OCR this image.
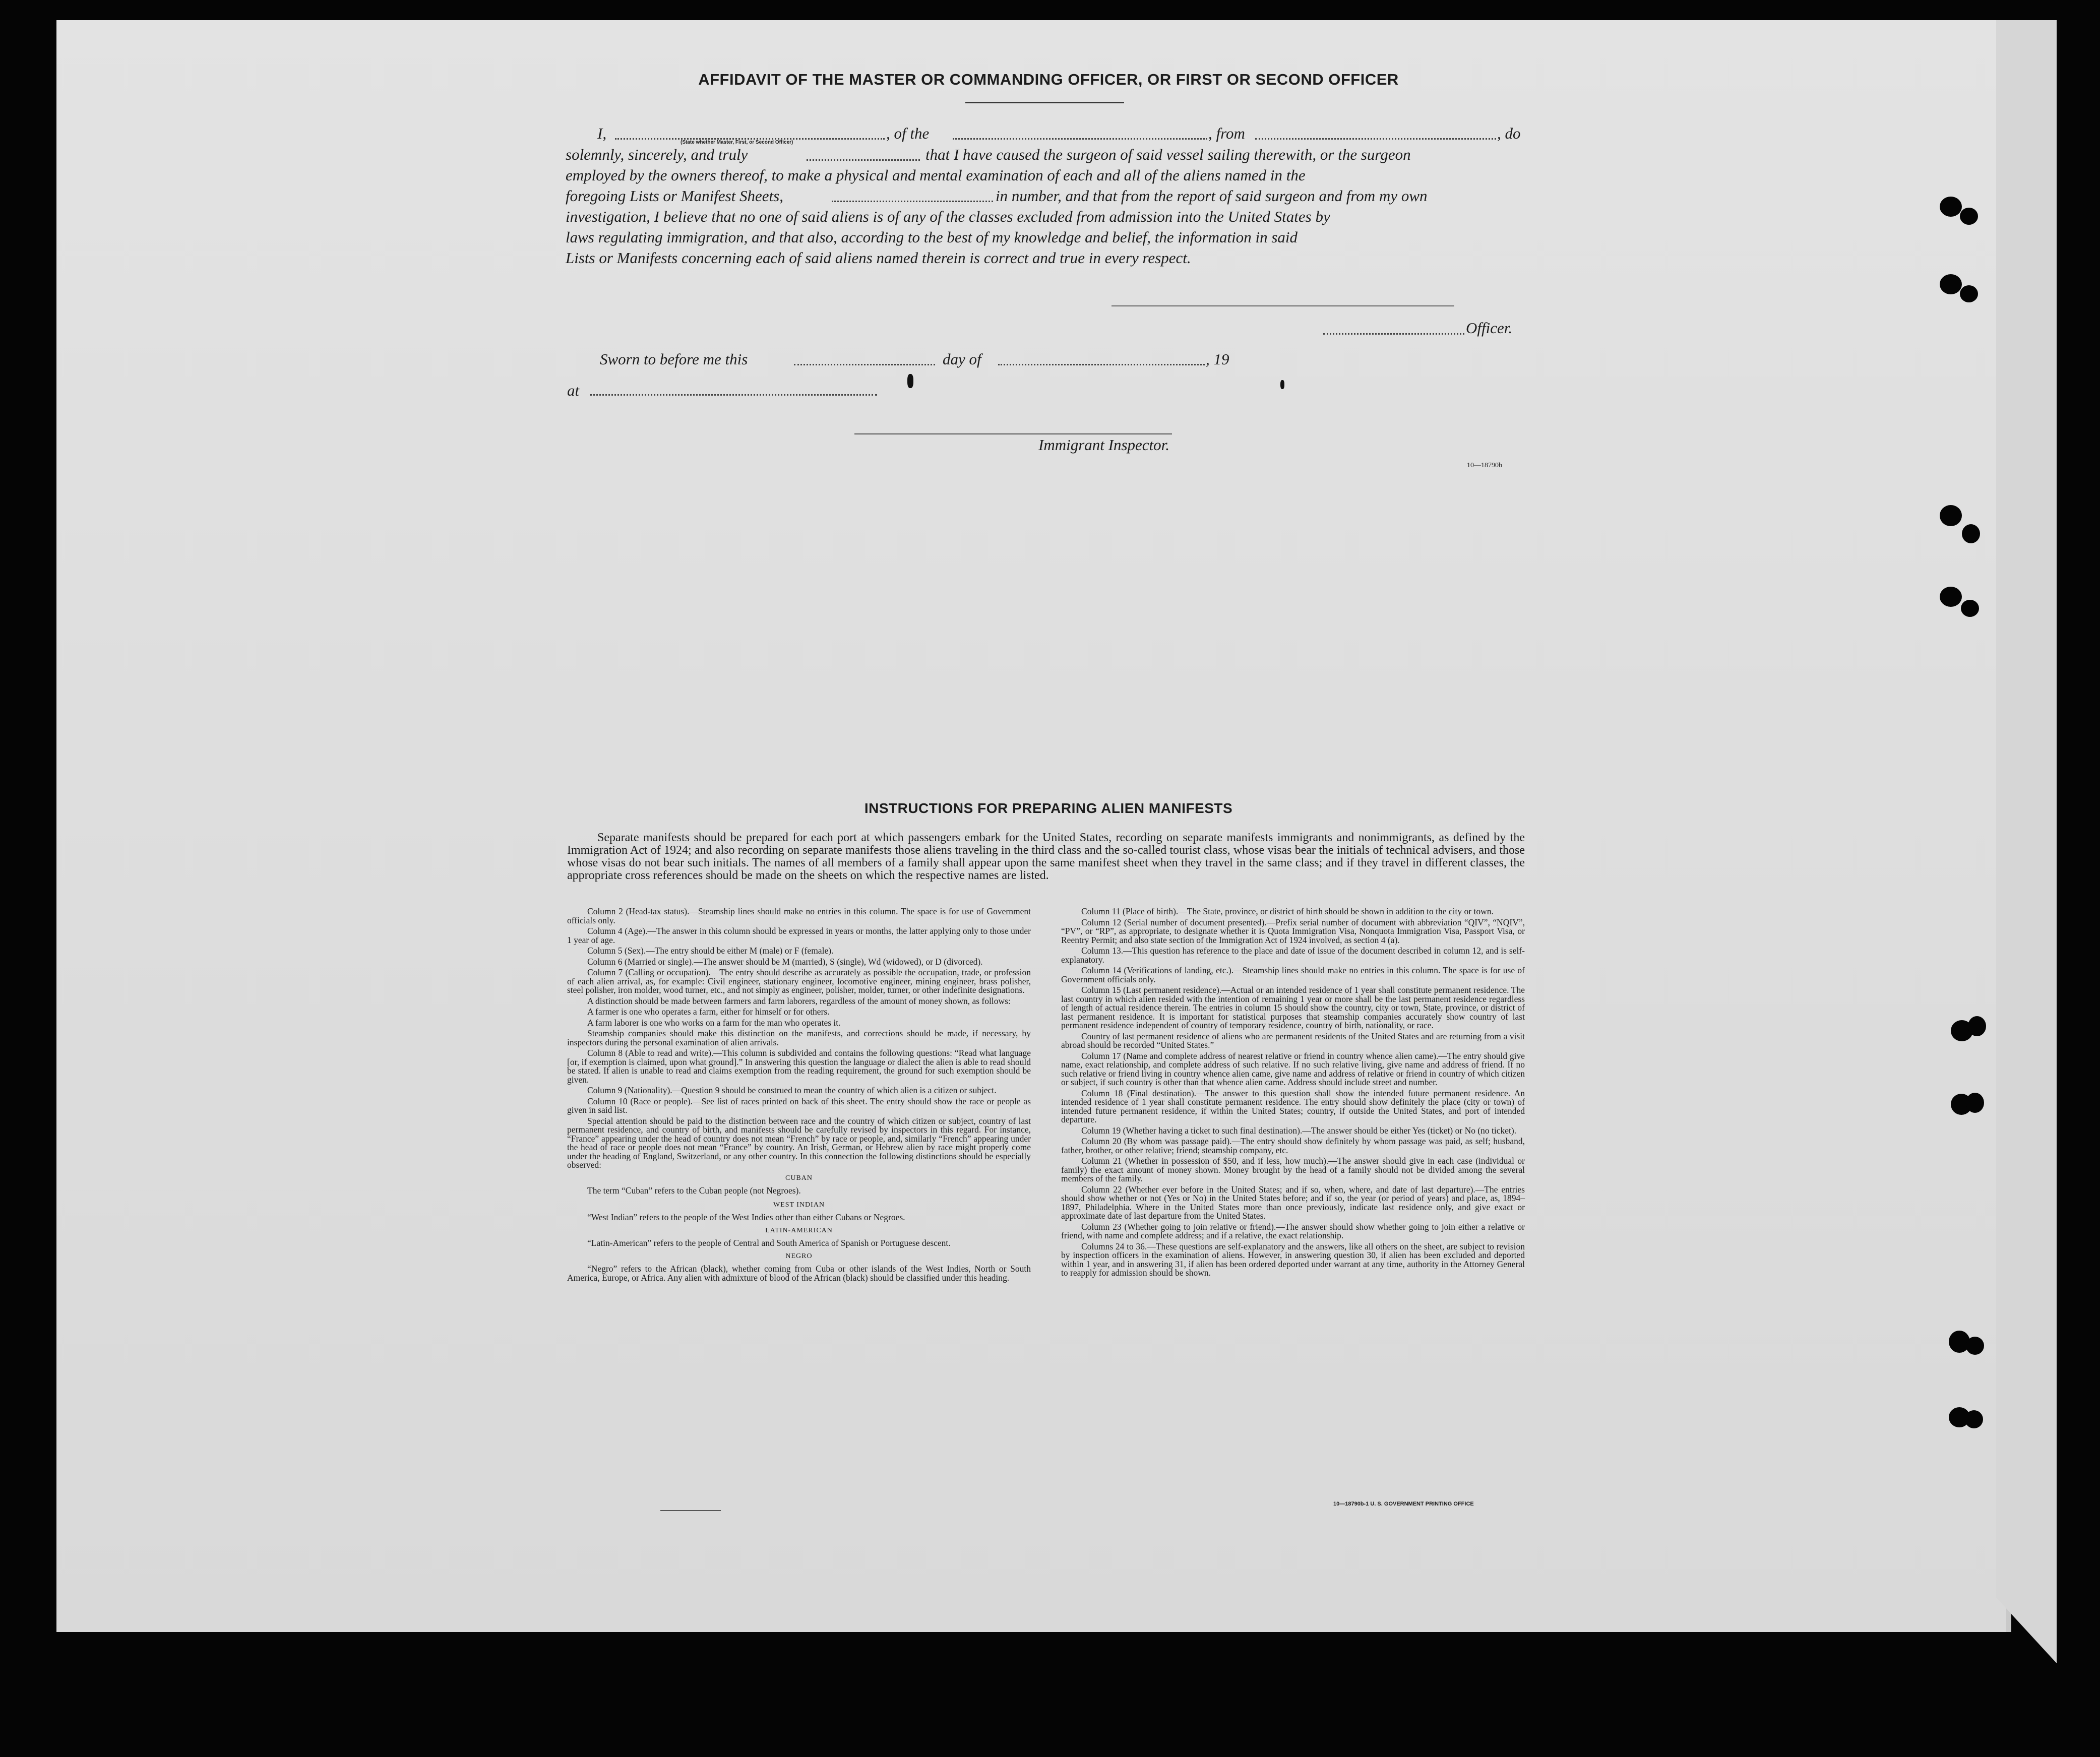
AFFIDAVIT OF THE MASTER OR COMMANDING OFFICER, OR FIRST OR SECOND OFFICER
I,
(State whether Master, First, or Second Officer)
, of the	, from	, do
solemnly, sincerely, and truly	that I have caused the surgeon of said vessel sailing therewith, or the surgeon
employed by the owners thereof, to make a physical and mental examination of each and all of the aliens named in the
foregoing Lists or Manifest Sheets,	in number, and that from the report of said surgeon and from my own
investigation, I believe that no one of said aliens is of any of the classes excluded from admission into the United States by
laws regulating immigration, and that also, according to the best of my knowledge and belief, the information in said
Lists or Manifests concerning each of said aliens named therein is correct and true in every respect.
Officer.
Sworn to before me this	day of	, 19
at
Immigrant Inspector.
10—18790b
INSTRUCTIONS FOR PREPARING ALIEN MANIFESTS
Separate manifests should be prepared for each port at which passengers embark for the United States, recording on separate manifests immigrants and nonimmigrants, as defined by the Immigration Act of 1924; and also recording on separate manifests those aliens traveling in the third class and the so-called tourist class, whose visas bear the initials of technical advisers, and those whose visas do not bear such initials. The names of all members of a family shall appear upon the same manifest sheet when they travel in the same class; and if they travel in different classes, the appropriate cross references should be made on the sheets on which the respective names are listed.

Column 2 (Head-tax status).—Steamship lines should make no entries in this column. The space is for use of Government officials only.

Column 4 (Age).—The answer in this column should be expressed in years or months, the latter applying only to those under 1 year of age.

Column 5 (Sex).—The entry should be either M (male) or F (female).

Column 6 (Married or single).—The answer should be M (married), S (single), Wd (widowed), or D (divorced).

Column 7 (Calling or occupation).—The entry should describe as accurately as possible the occupation, trade, or profession of each alien arrival, as, for example: Civil engineer, stationary engineer, locomotive engineer, mining engineer, brass polisher, steel polisher, iron molder, wood turner, etc., and not simply as engineer, polisher, molder, turner, or other indefinite designations.

A distinction should be made between farmers and farm laborers, regardless of the amount of money shown, as follows:

A farmer is one who operates a farm, either for himself or for others.

A farm laborer is one who works on a farm for the man who operates it.

Steamship companies should make this distinction on the manifests, and corrections should be made, if necessary, by inspectors during the personal examination of alien arrivals.

Column 8 (Able to read and write).—This column is subdivided and contains the following questions: “Read what language [or, if exemption is claimed, upon what ground].” In answering this question the language or dialect the alien is able to read should be stated. If alien is unable to read and claims exemption from the reading requirement, the ground for such exemption should be given.

Column 9 (Nationality).—Question 9 should be construed to mean the country of which alien is a citizen or subject.

Column 10 (Race or people).—See list of races printed on back of this sheet. The entry should show the race or people as given in said list.

Special attention should be paid to the distinction between race and the country of which citizen or subject, country of last permanent residence, and country of birth, and manifests should be carefully revised by inspectors in this regard. For instance, “France” appearing under the head of country does not mean “French” by race or people, and, similarly “French” appearing under the head of race or people does not mean “France” by country. An Irish, German, or Hebrew alien by race might properly come under the heading of England, Switzerland, or any other country. In this connection the following distinctions should be especially observed:

CUBAN

The term “Cuban” refers to the Cuban people (not Negroes).

WEST INDIAN

“West Indian” refers to the people of the West Indies other than either Cubans or Negroes.

LATIN-AMERICAN

“Latin-American” refers to the people of Central and South America of Spanish or Portuguese descent.

NEGRO

“Negro” refers to the African (black), whether coming from Cuba or other islands of the West Indies, North or South America, Europe, or Africa. Any alien with admixture of blood of the African (black) should be classified under this heading.

Column 11 (Place of birth).—The State, province, or district of birth should be shown in addition to the city or town.

Column 12 (Serial number of document presented).—Prefix serial number of document with abbreviation “QIV”, “NQIV”, “PV”, or “RP”, as appropriate, to designate whether it is Quota Immigration Visa, Nonquota Immigration Visa, Passport Visa, or Reentry Permit; and also state section of the Immigration Act of 1924 involved, as section 4 (a).

Column 13.—This question has reference to the place and date of issue of the document described in column 12, and is self-explanatory.

Column 14 (Verifications of landing, etc.).—Steamship lines should make no entries in this column. The space is for use of Government officials only.

Column 15 (Last permanent residence).—Actual or an intended residence of 1 year shall constitute permanent residence. The last country in which alien resided with the intention of remaining 1 year or more shall be the last permanent residence regardless of length of actual residence therein. The entries in column 15 should show the country, city or town, State, province, or district of last permanent residence. It is important for statistical purposes that steamship companies accurately show country of last permanent residence independent of country of temporary residence, country of birth, nationality, or race.

Country of last permanent residence of aliens who are permanent residents of the United States and are returning from a visit abroad should be recorded “United States.”

Column 17 (Name and complete address of nearest relative or friend in country whence alien came).—The entry should give name, exact relationship, and complete address of such relative. If no such relative living, give name and address of friend. If no such relative or friend living in country whence alien came, give name and address of relative or friend in country of which citizen or subject, if such country is other than that whence alien came. Address should include street and number.

Column 18 (Final destination).—The answer to this question shall show the intended future permanent residence. An intended residence of 1 year shall constitute permanent residence. The entry should show definitely the place (city or town) of intended future permanent residence, if within the United States; country, if outside the United States, and port of intended departure.

Column 19 (Whether having a ticket to such final destination).—The answer should be either Yes (ticket) or No (no ticket).

Column 20 (By whom was passage paid).—The entry should show definitely by whom passage was paid, as self; husband, father, brother, or other relative; friend; steamship company, etc.

Column 21 (Whether in possession of $50, and if less, how much).—The answer should give in each case (individual or family) the exact amount of money shown. Money brought by the head of a family should not be divided among the several members of the family.

Column 22 (Whether ever before in the United States; and if so, when, where, and date of last departure).—The entries should show whether or not (Yes or No) in the United States before; and if so, the year (or period of years) and place, as, 1894–1897, Philadelphia. Where in the United States more than once previously, indicate last residence only, and give exact or approximate date of last departure from the United States.

Column 23 (Whether going to join relative or friend).—The answer should show whether going to join either a relative or friend, with name and complete address; and if a relative, the exact relationship.

Columns 24 to 36.—These questions are self-explanatory and the answers, like all others on the sheet, are subject to revision by inspection officers in the examination of aliens. However, in answering question 30, if alien has been excluded and deported within 1 year, and in answering 31, if alien has been ordered deported under warrant at any time, authority in the Attorney General to reapply for admission should be shown.

10—18790b-1 U. S. GOVERNMENT PRINTING OFFICE
